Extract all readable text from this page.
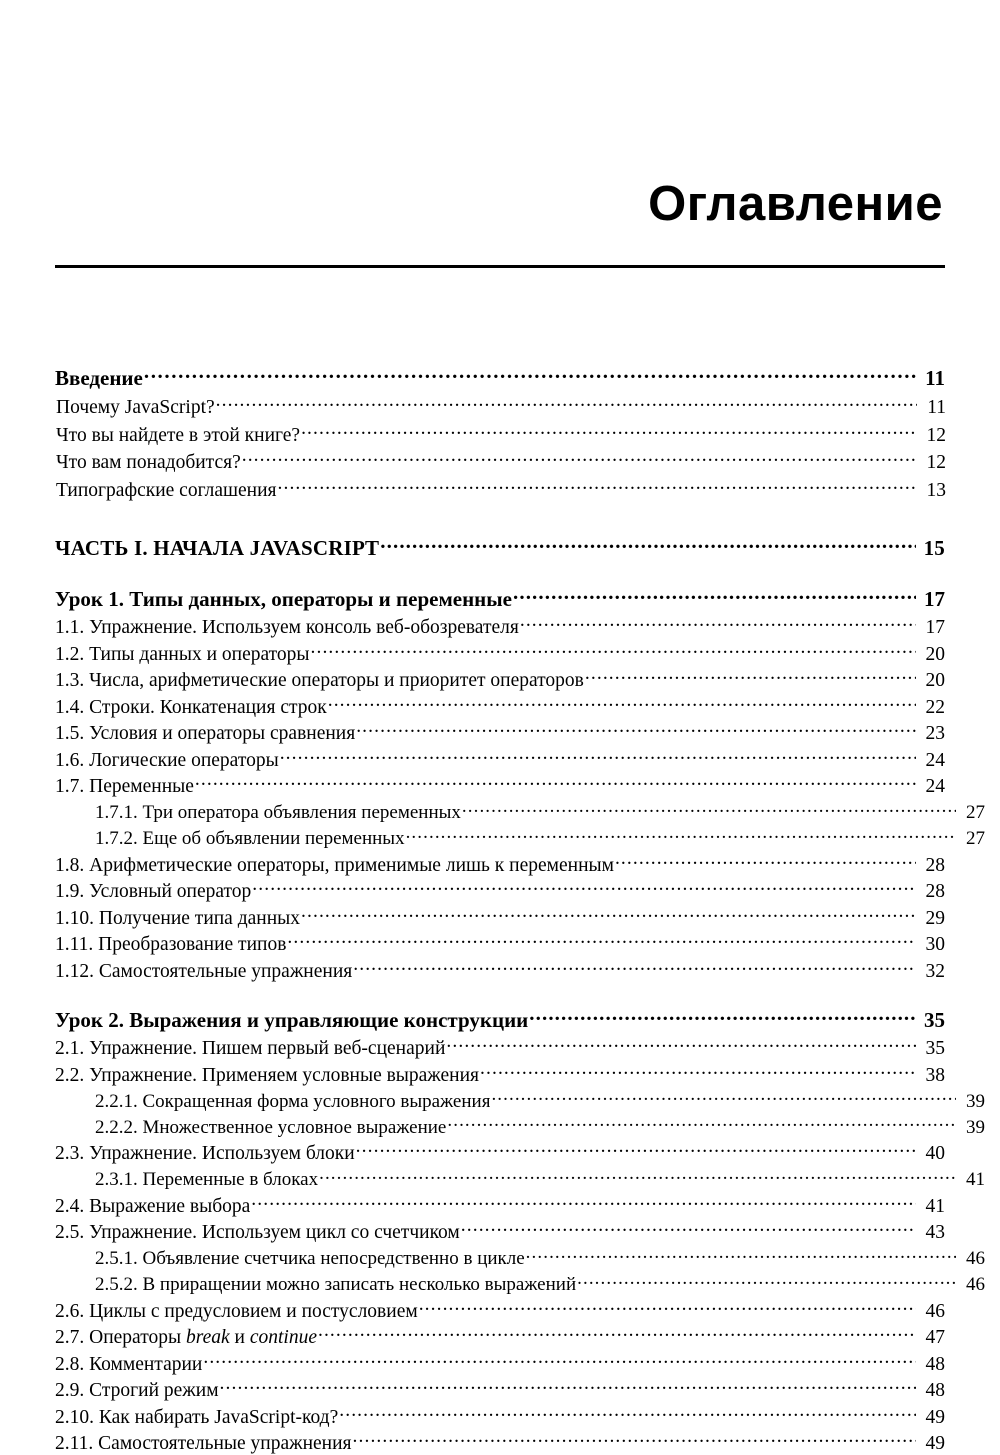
Оглавление
Введение .....	11
Почему JavaScript? .....	11
Что вы найдете в этой книге? .....	12
Что вам понадобится? .....	12
Типографские соглашения .....	13
ЧАСТЬ I. НАЧАЛА JAVASCRIPT .....	15
Урок 1. Типы данных, операторы и переменные .....	17
1.1. Упражнение. Используем консоль веб-обозревателя .....	17
1.2. Типы данных и операторы .....	20
1.3. Числа, арифметические операторы и приоритет операторов .....	20
1.4. Строки. Конкатенация строк .....	22
1.5. Условия и операторы сравнения .....	23
1.6. Логические операторы .....	24
1.7. Переменные .....	24
1.7.1. Три оператора объявления переменных .....	27
1.7.2. Еще об объявлении переменных .....	27
1.8. Арифметические операторы, применимые лишь к переменным .....	28
1.9. Условный оператор .....	28
1.10. Получение типа данных .....	29
1.11. Преобразование типов .....	30
1.12. Самостоятельные упражнения .....	32
Урок 2. Выражения и управляющие конструкции .....	35
2.1. Упражнение. Пишем первый веб-сценарий .....	35
2.2. Упражнение. Применяем условные выражения .....	38
2.2.1. Сокращенная форма условного выражения .....	39
2.2.2. Множественное условное выражение .....	39
2.3. Упражнение. Используем блоки .....	40
2.3.1. Переменные в блоках .....	41
2.4. Выражение выбора .....	41
2.5. Упражнение. Используем цикл со счетчиком .....	43
2.5.1. Объявление счетчика непосредственно в цикле .....	46
2.5.2. В приращении можно записать несколько выражений .....	46
2.6. Циклы с предусловием и постусловием .....	46
2.7. Операторы break и continue .....	47
2.8. Комментарии .....	48
2.9. Строгий режим .....	48
2.10. Как набирать JavaScript-код? .....	49
2.11. Самостоятельные упражнения .....	49
